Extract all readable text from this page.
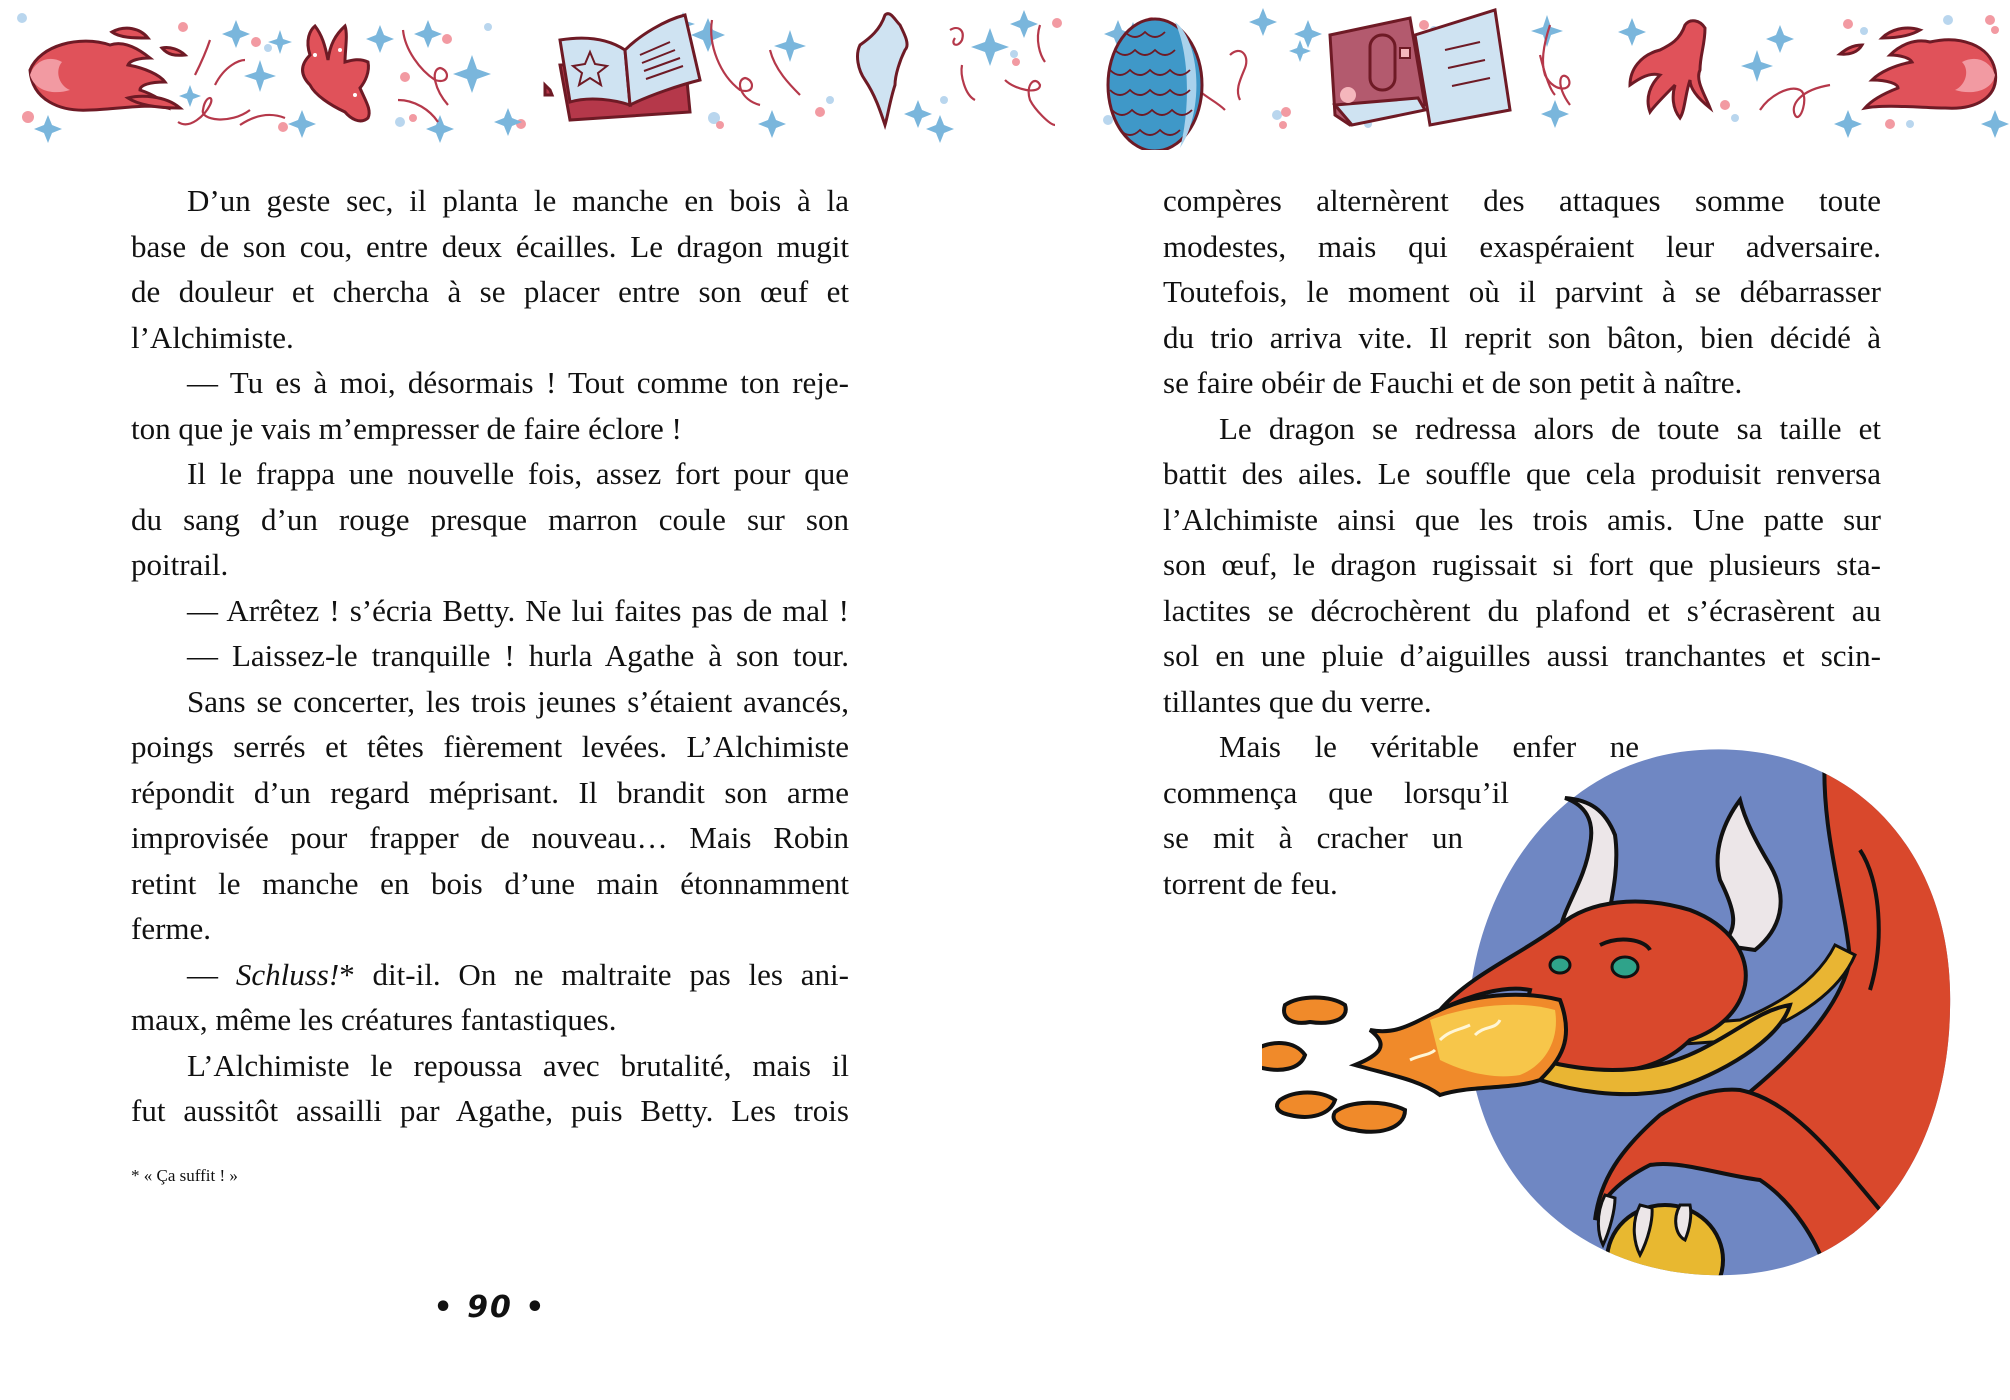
D’un geste sec, il planta le manche en bois à la
base de son cou, entre deux écailles. Le dragon mugit
de douleur et chercha à se placer entre son œuf et
l’Alchimiste.
— Tu es à moi, désormais ! Tout comme ton reje-
ton que je vais m’empresser de faire éclore !
Il le frappa une nouvelle fois, assez fort pour que
du sang d’un rouge presque marron coule sur son
poitrail.
— Arrêtez ! s’écria Betty. Ne lui faites pas de mal !
— Laissez-le tranquille ! hurla Agathe à son tour.
Sans se concerter, les trois jeunes s’étaient avancés,
poings serrés et têtes fièrement levées. L’Alchimiste
répondit d’un regard méprisant. Il brandit son arme
improvisée pour frapper de nouveau… Mais Robin
retint le manche en bois d’une main étonnamment
ferme.
— Schluss!* dit-il. On ne maltraite pas les ani-
maux, même les créatures fantastiques.
L’Alchimiste le repoussa avec brutalité, mais il
fut aussitôt assailli par Agathe, puis Betty. Les trois
* « Ça suffit ! »
• 90 •
compères alternèrent des attaques somme toute
modestes, mais qui exaspéraient leur adversaire.
Toutefois, le moment où il parvint à se débarrasser
du trio arriva vite. Il reprit son bâton, bien décidé à
se faire obéir de Fauchi et de son petit à naître.
Le dragon se redressa alors de toute sa taille et
battit des ailes. Le souffle que cela produisit renversa
l’Alchimiste ainsi que les trois amis. Une patte sur
son œuf, le dragon rugissait si fort que plusieurs sta-
lactites se décrochèrent du plafond et s’écrasèrent au
sol en une pluie d’aiguilles aussi tranchantes et scin-
tillantes que du verre.
Mais le véritable enfer ne
commença que lorsqu’il
se mit à cracher un
torrent de feu.
